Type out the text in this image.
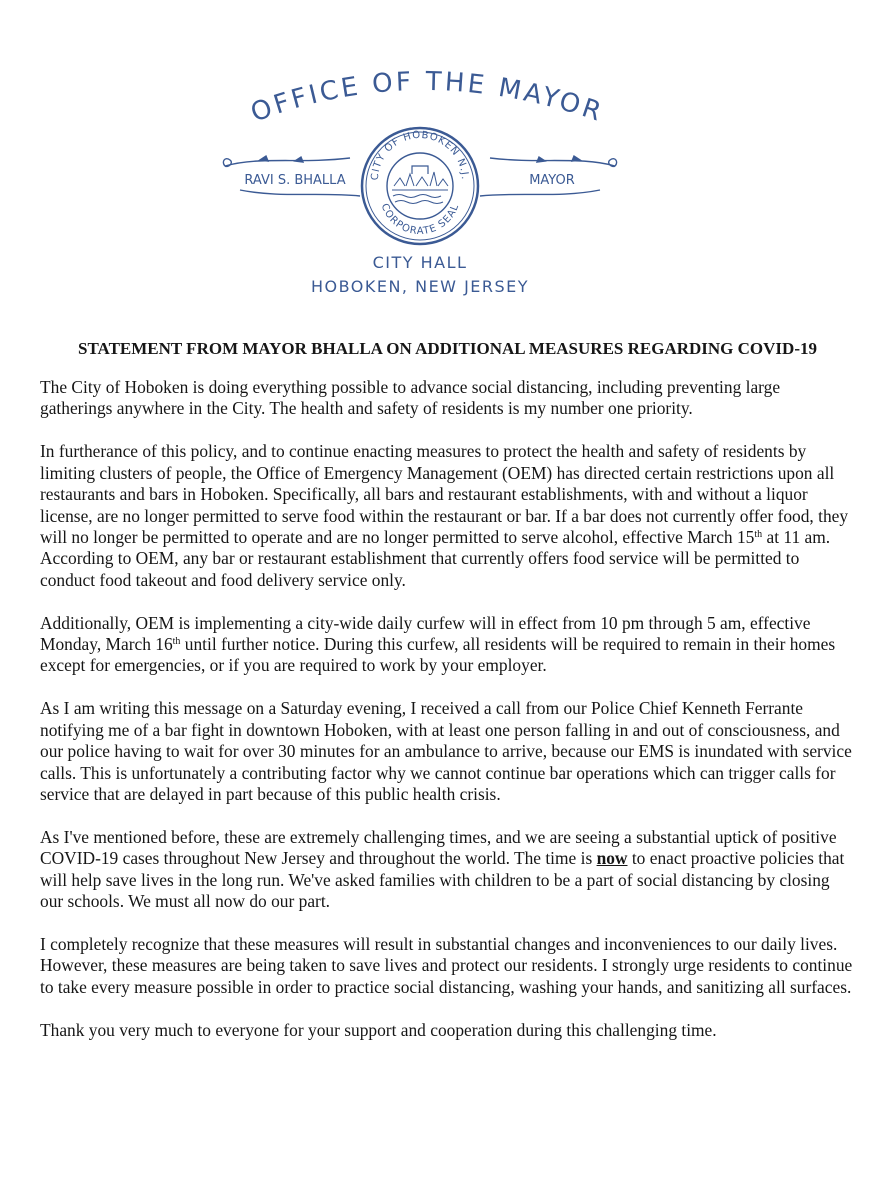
OFFICE OF THE MAYOR
RAVI S. BHALLA	MAYOR
CITY OF HOBOKEN N.J.
CORPORATE SEAL
CITY HALL
HOBOKEN, NEW JERSEY
STATEMENT FROM MAYOR BHALLA ON ADDITIONAL MEASURES REGARDING COVID-19

The City of Hoboken is doing everything possible to advance social distancing, including preventing large gatherings anywhere in the City. The health and safety of residents is my number one priority.

In furtherance of this policy, and to continue enacting measures to protect the health and safety of residents by limiting clusters of people, the Office of Emergency Management (OEM) has directed certain restrictions upon all restaurants and bars in Hoboken. Specifically, all bars and restaurant establishments, with and without a liquor license, are no longer permitted to serve food within the restaurant or bar. If a bar does not currently offer food, they will no longer be permitted to operate and are no longer permitted to serve alcohol, effective March 15th at 11 am. According to OEM, any bar or restaurant establishment that currently offers food service will be permitted to conduct food takeout and food delivery service only.

Additionally, OEM is implementing a city-wide daily curfew will in effect from 10 pm through 5 am, effective Monday, March 16th until further notice. During this curfew, all residents will be required to remain in their homes except for emergencies, or if you are required to work by your employer.

As I am writing this message on a Saturday evening, I received a call from our Police Chief Kenneth Ferrante notifying me of a bar fight in downtown Hoboken, with at least one person falling in and out of consciousness, and our police having to wait for over 30 minutes for an ambulance to arrive, because our EMS is inundated with service calls. This is unfortunately a contributing factor why we cannot continue bar operations which can trigger calls for service that are delayed in part because of this public health crisis.

As I've mentioned before, these are extremely challenging times, and we are seeing a substantial uptick of positive COVID-19 cases throughout New Jersey and throughout the world. The time is now to enact proactive policies that will help save lives in the long run. We've asked families with children to be a part of social distancing by closing our schools. We must all now do our part.

I completely recognize that these measures will result in substantial changes and inconveniences to our daily lives. However, these measures are being taken to save lives and protect our residents. I strongly urge residents to continue to take every measure possible in order to practice social distancing, washing your hands, and sanitizing all surfaces.

Thank you very much to everyone for your support and cooperation during this challenging time.
